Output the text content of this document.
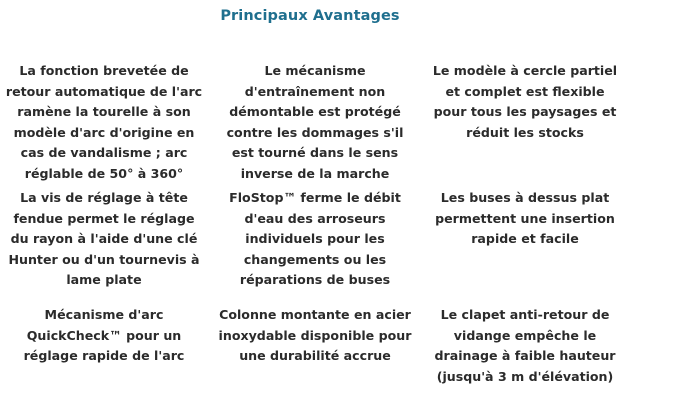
Principaux Avantages

La fonction brevetée de retour automatique de l'arc ramène la tourelle à son modèle d'arc d'origine en cas de vandalisme ; arc réglable de 50° à 360°

Le mécanisme d'entraînement non démontable est protégé contre les dommages s'il est tourné dans le sens inverse de la marche

Le modèle à cercle partiel et complet est flexible pour tous les paysages et réduit les stocks

La vis de réglage à tête fendue permet le réglage du rayon à l'aide d'une clé Hunter ou d'un tournevis à lame plate

FloStop™ ferme le débit d'eau des arroseurs individuels pour les changements ou les réparations de buses

Les buses à dessus plat permettent une insertion rapide et facile

Mécanisme d'arc QuickCheck™ pour un réglage rapide de l'arc

Colonne montante en acier inoxydable disponible pour une durabilité accrue

Le clapet anti-retour de vidange empêche le drainage à faible hauteur (jusqu'à 3 m d'élévation)
